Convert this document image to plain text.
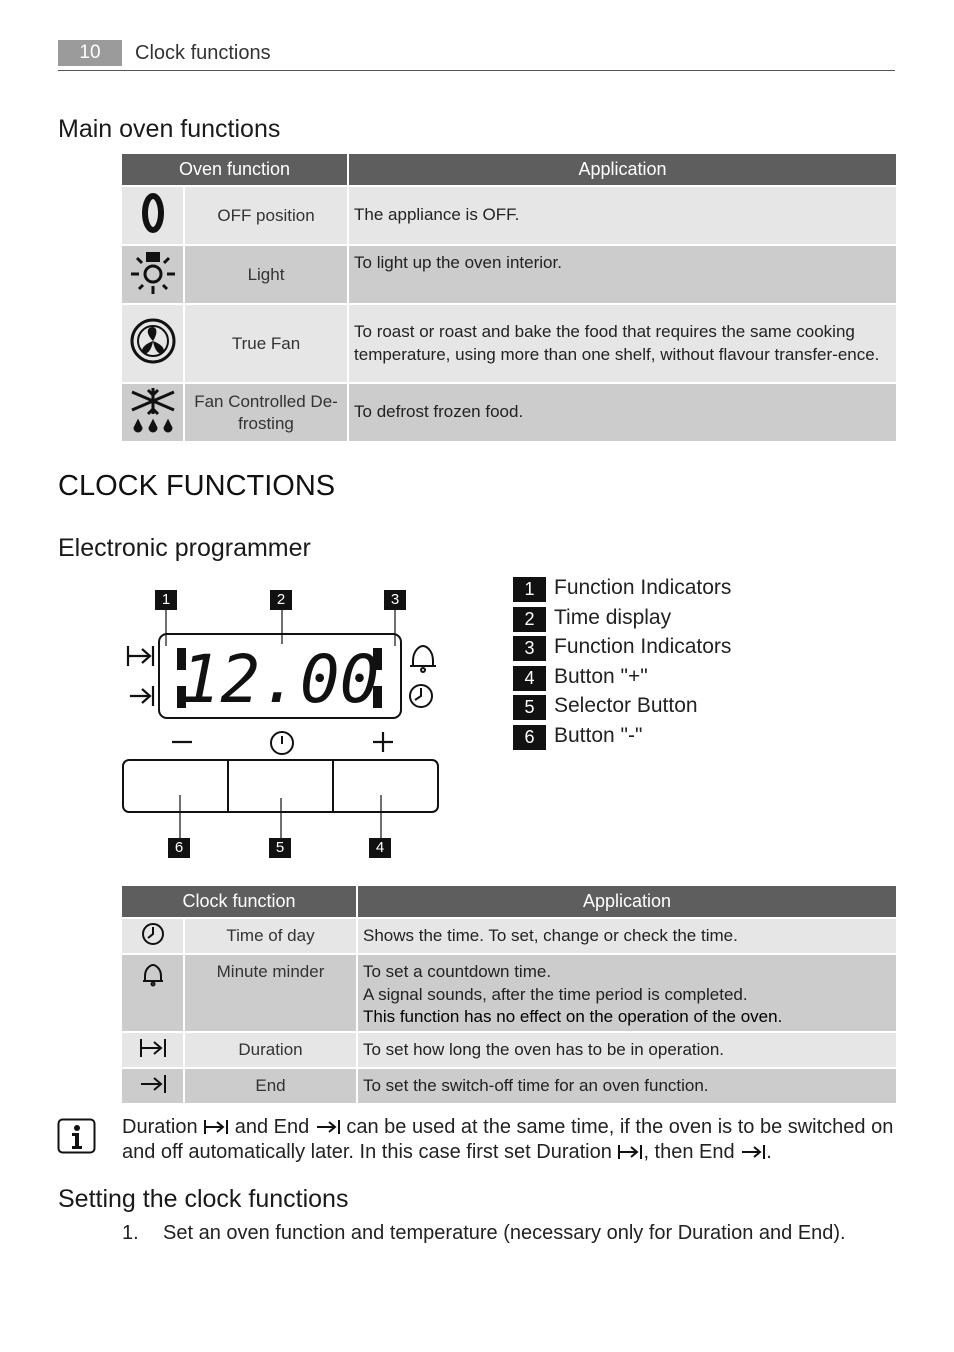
10	Clock functions
Main oven functions
Oven function		Application
	OFF position	The appliance is OFF.
	Light	To light up the oven interior.
	True Fan	To roast or roast and bake the food that requires the same cooking temperature, using more than one shelf, without flavour transfer-ence.
	Fan Controlled De-frosting	To defrost frozen food.
CLOCK FUNCTIONS
Electronic programmer
12.00
1	2	3
6	5	4
1 Function Indicators
2 Time display
3 Function Indicators
4 Button "+"
5 Selector Button
6 Button "-"
Clock function		Application
	Time of day	Shows the time. To set, change or check the time.
	Minute minder	To set a countdown time.
A signal sounds, after the time period is completed.
This function has no effect on the operation of the oven.

	Duration	To set how long the oven has to be in operation.
	End	To set the switch-off time for an oven function.
Duration and End can be used at the same time, if the oven is to be switched on and off automatically later. In this case first set Duration , then End .
Setting the clock functions
1. Set an oven function and temperature (necessary only for Duration and End).
